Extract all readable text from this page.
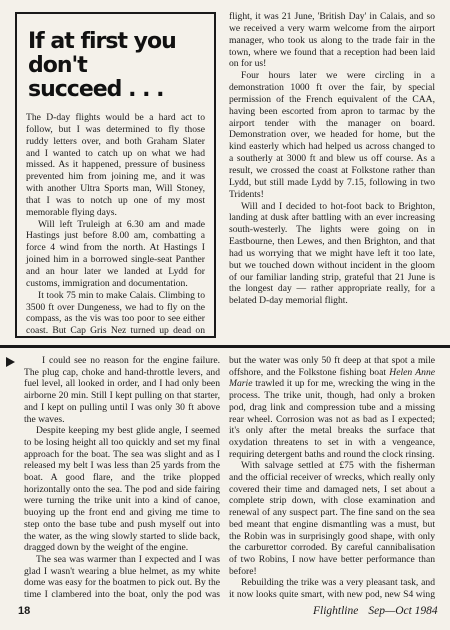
If at first you don't
succeed . . .

The D-day flights would be a hard act to follow, but I was determined to fly those ruddy letters over, and both Graham Slater and I wanted to catch up on what we had missed. As it happened, pressure of business prevented him from joining me, and it was with another Ultra Sports man, Will Stoney, that I was to notch up one of my most memorable flying days.

Will left Truleigh at 6.30 am and made Hastings just before 8.00 am, combatting a force 4 wind from the north. At Hastings I joined him in a borrowed single-seat Panther and an hour later we landed at Lydd for customs, immigration and documentation.

It took 75 min to make Calais. Climbing to 3500 ft over Dungeness, we had to fly on the compass, as the vis was too poor to see either coast. But Cap Gris Nez turned up dead on

flight, it was 21 June, 'British Day' in Calais, and so we received a very warm welcome from the airport manager, who took us along to the trade fair in the town, where we found that a reception had been laid on for us!

Four hours later we were circling in a demonstration 1000 ft over the fair, by special permission of the French equivalent of the CAA, having been escorted from apron to tarmac by the airport tender with the manager on board. Demonstration over, we headed for home, but the kind easterly which had helped us across changed to a southerly at 3000 ft and blew us off course. As a result, we crossed the coast at Folkstone rather than Lydd, but still made Lydd by 7.15, following in two Tridents!

Will and I decided to hot-foot back to Brighton, landing at dusk after battling with an ever increasing south-westerly. The lights were going on in Eastbourne, then Lewes, and then Brighton, and that had us worrying that we might have left it too late, but we touched down without incident in the gloom of our familiar landing strip, grateful that 21 June is the longest day — rather appropriate really, for a belated D-day memorial flight.

I could see no reason for the engine failure. The plug cap, choke and hand-throttle levers, and fuel level, all looked in order, and I had only been airborne 20 min. Still I kept pulling on that starter, and I kept on pulling until I was only 30 ft above the waves.

Despite keeping my best glide angle, I seemed to be losing height all too quickly and set my final approach for the boat. The sea was slight and as I released my belt I was less than 25 yards from the boat. A good flare, and the trike plopped horizontally onto the sea. The pod and side fairing were turning the trike unit into a kind of canoe, buoying up the front end and giving me time to step onto the base tube and push myself out into the water, as the wing slowly started to slide back, dragged down by the weight of the engine.

The sea was warmer than I expected and I was glad I wasn't wearing a blue helmet, as my white dome was easy for the boatmen to pick out. By the time I clambered into the boat, only the pod was

but the water was only 50 ft deep at that spot a mile offshore, and the Folkstone fishing boat Helen Anne Marie trawled it up for me, wrecking the wing in the process. The trike unit, though, had only a broken pod, drag link and compression tube and a missing rear wheel. Corrosion was not as bad as I expected; it's only after the metal breaks the surface that oxydation threatens to set in with a vengeance, requiring detergent baths and round the clock rinsing.

With salvage settled at £75 with the fisherman and the official receiver of wrecks, which really only covered their time and damaged nets, I set about a complete strip down, with close examination and renewal of any suspect part. The fine sand on the sea bed meant that engine dismantling was a must, but the Robin was in surprisingly good shape, with only the carburettor corroded. By careful cannibalisation of two Robins, I now have better performance than before!

Rebuilding the trike was a very pleasant task, and it now looks quite smart, with new pod, new S4 wing

18	Flightline Sep—Oct 1984
